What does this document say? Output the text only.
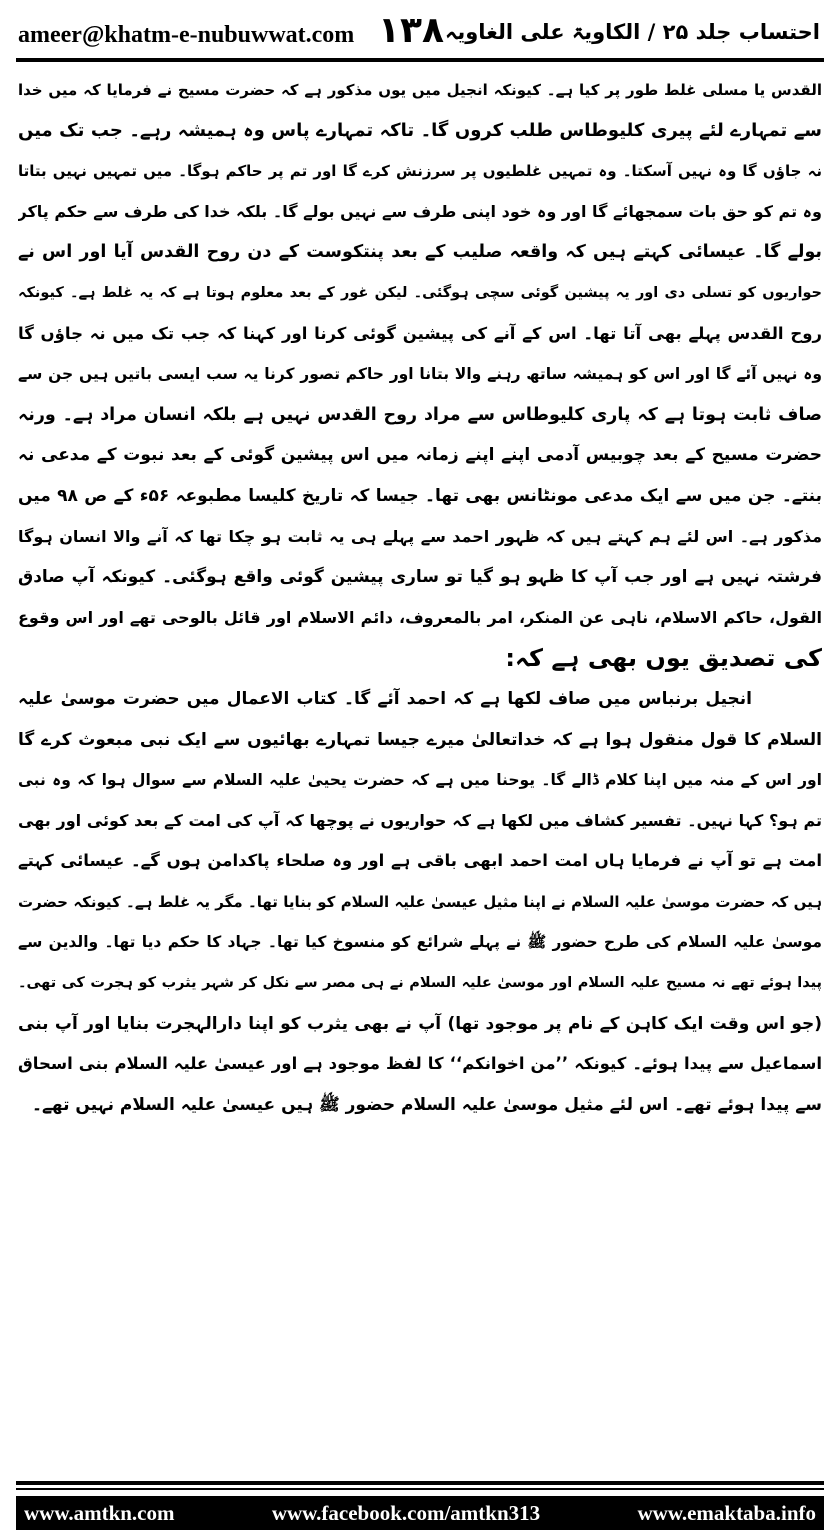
ameer@khatm-e-nubuwwat.com ۱۳۸ احتساب جلد ۲۵ / الکاویۃ علی الغاویہ
القدس یا مسلی غلط طور پر کیا ہے۔ کیونکہ انجیل میں یوں مذکور ہے کہ حضرت مسیح نے فرمایا کہ میں خدا
سے تمہارے لئے پیری کلیوطاس طلب کروں گا۔ تاکہ تمہارے پاس وہ ہمیشہ رہے۔ جب تک میں
نہ جاؤں گا وہ نہیں آسکتا۔ وہ تمہیں غلطیوں پر سرزنش کرے گا اور تم پر حاکم ہوگا۔ میں تمہیں نہیں بتاتا
وہ تم کو حق بات سمجھائے گا اور وہ خود اپنی طرف سے نہیں بولے گا۔ بلکہ خدا کی طرف سے حکم پاکر
بولے گا۔ عیسائی کہتے ہیں کہ واقعہ صلیب کے بعد پنتکوست کے دن روح القدس آیا اور اس نے
حواریوں کو تسلی دی اور یہ پیشین گوئی سچی ہوگئی۔ لیکن غور کے بعد معلوم ہوتا ہے کہ یہ غلط ہے۔ کیونکہ
روح القدس پہلے بھی آتا تھا۔ اس کے آنے کی پیشین گوئی کرنا اور کہنا کہ جب تک میں نہ جاؤں گا
وہ نہیں آئے گا اور اس کو ہمیشہ ساتھ رہنے والا بتانا اور حاکم تصور کرنا یہ سب ایسی باتیں ہیں جن سے
صاف ثابت ہوتا ہے کہ پاری کلیوطاس سے مراد روح القدس نہیں ہے بلکہ انسان مراد ہے۔ ورنہ
حضرت مسیح کے بعد چوبیس آدمی اپنے اپنے زمانہ میں اس پیشین گوئی کے بعد نبوت کے مدعی نہ
بنتے۔ جن میں سے ایک مدعی مونٹانس بھی تھا۔ جیسا کہ تاریخ کلیسا مطبوعہ ۵۶ء کے ص ۹۸ میں
مذکور ہے۔ اس لئے ہم کہتے ہیں کہ ظہور احمد سے پہلے ہی یہ ثابت ہو چکا تھا کہ آنے والا انسان ہوگا
فرشتہ نہیں ہے اور جب آپ کا ظہو ہو گیا تو ساری پیشین گوئی واقع ہوگئی۔ کیونکہ آپ صادق
القول، حاکم الاسلام، ناہی عن المنکر، امر بالمعروف، دائم الاسلام اور قائل بالوحی تھے اور اس وقوع
کی تصدیق یوں بھی ہے کہ:
انجیل برنباس میں صاف لکھا ہے کہ احمد آئے گا۔ کتاب الاعمال میں حضرت موسیٰ علیہ
السلام کا قول منقول ہوا ہے کہ خداتعالیٰ میرے جیسا تمہارے بھائیوں سے ایک نبی مبعوث کرے گا
اور اس کے منہ میں اپنا کلام ڈالے گا۔ یوحنا میں ہے کہ حضرت یحییٰ علیہ السلام سے سوال ہوا کہ وہ نبی
تم ہو؟ کہا نہیں۔ تفسیر کشاف میں لکھا ہے کہ حواریوں نے پوچھا کہ آپ کی امت کے بعد کوئی اور بھی
امت ہے تو آپ نے فرمایا ہاں امت احمد ابھی باقی ہے اور وہ صلحاء پاکدامن ہوں گے۔ عیسائی کہتے
ہیں کہ حضرت موسیٰ علیہ السلام نے اپنا مثیل عیسیٰ علیہ السلام کو بنایا تھا۔ مگر یہ غلط ہے۔ کیونکہ حضرت
موسیٰ علیہ السلام کی طرح حضور ﷺ نے پہلے شرائع کو منسوخ کیا تھا۔ جہاد کا حکم دیا تھا۔ والدین سے
پیدا ہوئے تھے نہ مسیح علیہ السلام اور موسیٰ علیہ السلام نے ہی مصر سے نکل کر شہر یثرب کو ہجرت کی تھی۔
(جو اس وقت ایک کاہن کے نام پر موجود تھا) آپ نے بھی یثرب کو اپنا دارالہجرت بنایا اور آپ بنی
اسماعیل سے پیدا ہوئے۔ کیونکہ ’’من اخوانکم‘‘ کا لفظ موجود ہے اور عیسیٰ علیہ السلام بنی اسحاق
سے پیدا ہوئے تھے۔ اس لئے مثیل موسیٰ علیہ السلام حضور ﷺ ہیں عیسیٰ علیہ السلام نہیں تھے۔
www.amtkn.com	www.facebook.com/amtkn313	www.emaktaba.info
